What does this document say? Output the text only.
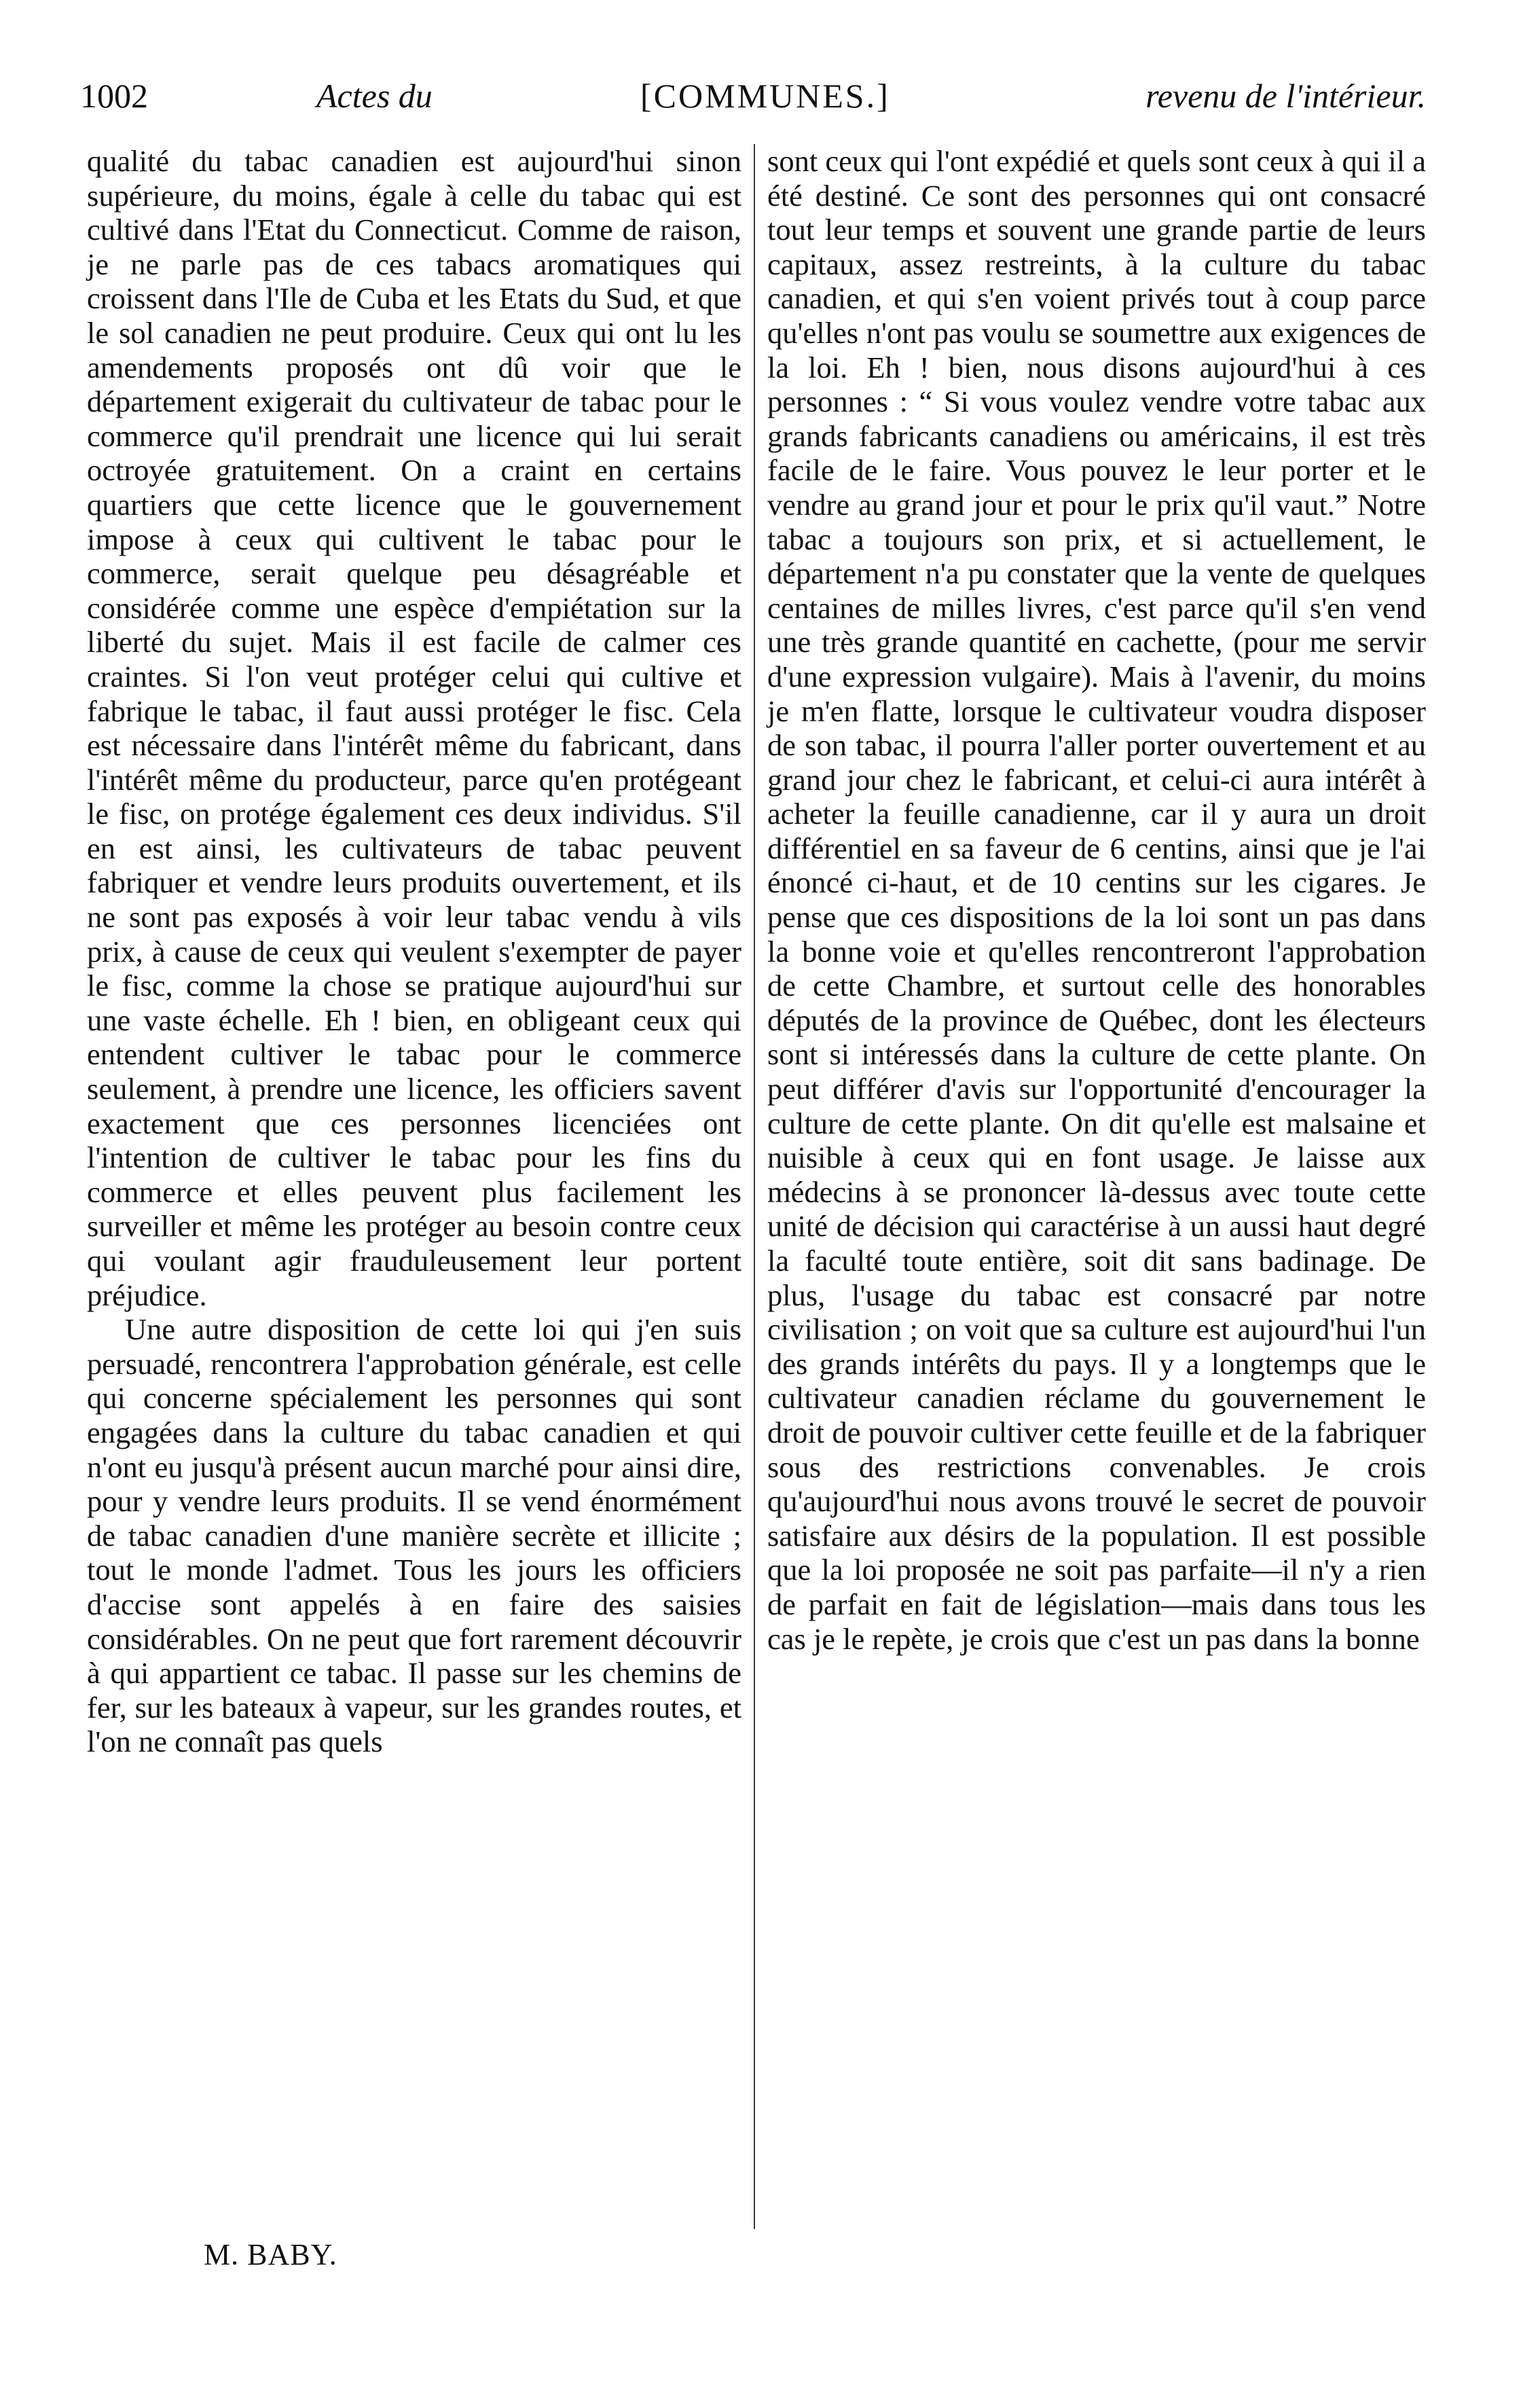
1002	Actes du	[COMMUNES.]	revenu de l'intérieur.

qualité du tabac canadien est aujourd'hui sinon supérieure, du moins, égale à celle du tabac qui est cultivé dans l'Etat du Connecticut. Comme de raison, je ne parle pas de ces tabacs aromatiques qui croissent dans l'Ile de Cuba et les Etats du Sud, et que le sol canadien ne peut produire. Ceux qui ont lu les amendements proposés ont dû voir que le département exigerait du cultivateur de tabac pour le commerce qu'il prendrait une licence qui lui serait octroyée gratuitement. On a craint en certains quartiers que cette licence que le gouvernement impose à ceux qui cultivent le tabac pour le commerce, serait quelque peu désagréable et considérée comme une espèce d'empiétation sur la liberté du sujet. Mais il est facile de calmer ces craintes. Si l'on veut protéger celui qui cultive et fabrique le tabac, il faut aussi protéger le fisc. Cela est nécessaire dans l'intérêt même du fabricant, dans l'intérêt même du producteur, parce qu'en protégeant le fisc, on protége également ces deux individus. S'il en est ainsi, les cultivateurs de tabac peuvent fabriquer et vendre leurs produits ouvertement, et ils ne sont pas exposés à voir leur tabac vendu à vils prix, à cause de ceux qui veulent s'exempter de payer le fisc, comme la chose se pratique aujourd'hui sur une vaste échelle. Eh ! bien, en obligeant ceux qui entendent cultiver le tabac pour le commerce seulement, à prendre une licence, les officiers savent exactement que ces personnes licenciées ont l'intention de cultiver le tabac pour les fins du commerce et elles peuvent plus facilement les surveiller et même les protéger au besoin contre ceux qui voulant agir frauduleusement leur portent préjudice.

Une autre disposition de cette loi qui j'en suis persuadé, rencontrera l'approbation générale, est celle qui concerne spécialement les personnes qui sont engagées dans la culture du tabac canadien et qui n'ont eu jusqu'à présent aucun marché pour ainsi dire, pour y vendre leurs produits. Il se vend énormément de tabac canadien d'une manière secrète et illicite ; tout le monde l'admet. Tous les jours les officiers d'accise sont appelés à en faire des saisies considérables. On ne peut que fort rarement découvrir à qui appartient ce tabac. Il passe sur les chemins de fer, sur les bateaux à vapeur, sur les grandes routes, et l'on ne connaît pas quels

sont ceux qui l'ont expédié et quels sont ceux à qui il a été destiné. Ce sont des personnes qui ont consacré tout leur temps et souvent une grande partie de leurs capitaux, assez restreints, à la culture du tabac canadien, et qui s'en voient privés tout à coup parce qu'elles n'ont pas voulu se soumettre aux exigences de la loi. Eh ! bien, nous disons aujourd'hui à ces personnes : “ Si vous voulez vendre votre tabac aux grands fabricants canadiens ou américains, il est très facile de le faire. Vous pouvez le leur porter et le vendre au grand jour et pour le prix qu'il vaut.” Notre tabac a toujours son prix, et si actuellement, le département n'a pu constater que la vente de quelques centaines de milles livres, c'est parce qu'il s'en vend une très grande quantité en cachette, (pour me servir d'une expression vulgaire). Mais à l'avenir, du moins je m'en flatte, lorsque le cultivateur voudra disposer de son tabac, il pourra l'aller porter ouvertement et au grand jour chez le fabricant, et celui-ci aura intérêt à acheter la feuille canadienne, car il y aura un droit différentiel en sa faveur de 6 centins, ainsi que je l'ai énoncé ci-haut, et de 10 centins sur les cigares. Je pense que ces dispositions de la loi sont un pas dans la bonne voie et qu'elles rencontreront l'approbation de cette Chambre, et surtout celle des honorables députés de la province de Québec, dont les électeurs sont si intéressés dans la culture de cette plante. On peut différer d'avis sur l'opportunité d'encourager la culture de cette plante. On dit qu'elle est malsaine et nuisible à ceux qui en font usage. Je laisse aux médecins à se prononcer là-dessus avec toute cette unité de décision qui caractérise à un aussi haut degré la faculté toute entière, soit dit sans badinage. De plus, l'usage du tabac est consacré par notre civilisation ; on voit que sa culture est aujourd'hui l'un des grands intérêts du pays. Il y a longtemps que le cultivateur canadien réclame du gouvernement le droit de pouvoir cultiver cette feuille et de la fabriquer sous des restrictions convenables. Je crois qu'aujourd'hui nous avons trouvé le secret de pouvoir satisfaire aux désirs de la population. Il est possible que la loi proposée ne soit pas parfaite—il n'y a rien de parfait en fait de législation—mais dans tous les cas je le repète, je crois que c'est un pas dans la bonne

M. BABY.
